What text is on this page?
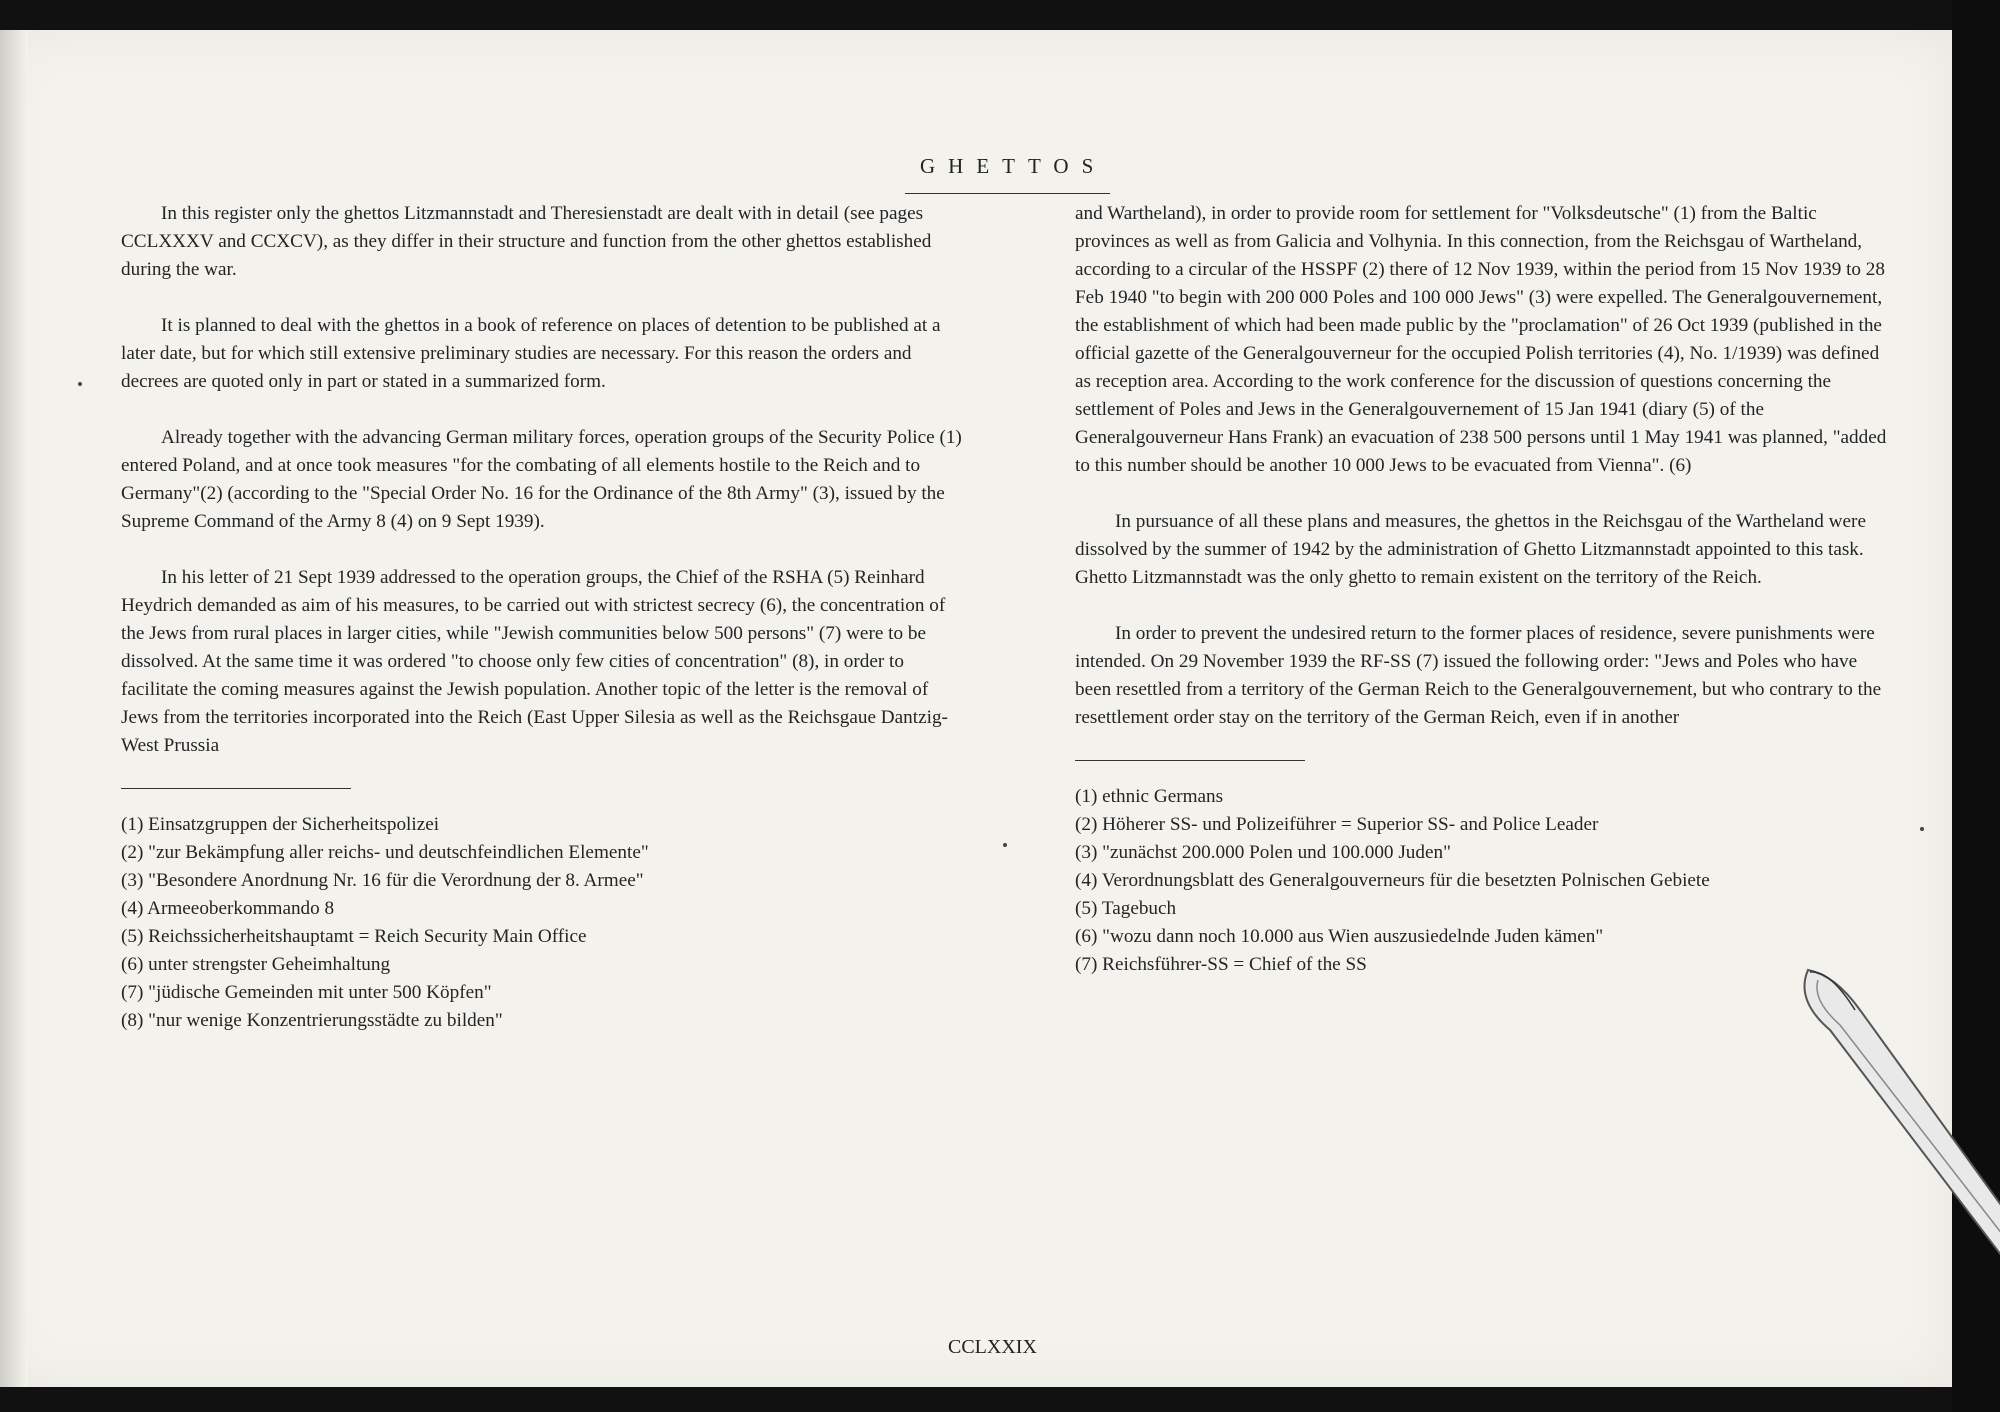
GHETTOS

In this register only the ghettos Litzmannstadt and Theresienstadt are dealt with in detail (see pages CCLXXXV and CCXCV), as they differ in their structure and function from the other ghettos established during the war.

It is planned to deal with the ghettos in a book of reference on places of detention to be published at a later date, but for which still extensive preliminary studies are necessary. For this reason the orders and decrees are quoted only in part or stated in a summarized form.

Already together with the advancing German military forces, operation groups of the Security Police (1) entered Poland, and at once took measures "for the combating of all elements hostile to the Reich and to Germany"(2) (according to the "Special Order No. 16 for the Ordinance of the 8th Army" (3), issued by the Supreme Command of the Army 8 (4) on 9 Sept 1939).

In his letter of 21 Sept 1939 addressed to the operation groups, the Chief of the RSHA (5) Reinhard Heydrich demanded as aim of his measures, to be carried out with strictest secrecy (6), the concentration of the Jews from rural places in larger cities, while "Jewish communities below 500 persons" (7) were to be dissolved. At the same time it was ordered "to choose only few cities of concentration" (8), in order to facilitate the coming measures against the Jewish population. Another topic of the letter is the removal of Jews from the territories incorporated into the Reich (East Upper Silesia as well as the Reichsgaue Dantzig-West Prussia

(1) Einsatzgruppen der Sicherheitspolizei
(2) "zur Bekämpfung aller reichs- und deutschfeindlichen Elemente"
(3) "Besondere Anordnung Nr. 16 für die Verordnung der 8. Armee"
(4) Armeeoberkommando 8
(5) Reichssicherheitshauptamt = Reich Security Main Office
(6) unter strengster Geheimhaltung
(7) "jüdische Gemeinden mit unter 500 Köpfen"
(8) "nur wenige Konzentrierungsstädte zu bilden"

and Wartheland), in order to provide room for settlement for "Volksdeutsche" (1) from the Baltic provinces as well as from Galicia and Volhynia. In this connection, from the Reichsgau of Wartheland, according to a circular of the HSSPF (2) there of 12 Nov 1939, within the period from 15 Nov 1939 to 28 Feb 1940 "to begin with 200 000 Poles and 100 000 Jews" (3) were expelled. The Generalgouvernement, the establishment of which had been made public by the "proclamation" of 26 Oct 1939 (published in the official gazette of the Generalgouverneur for the occupied Polish territories (4), No. 1/1939) was defined as reception area. According to the work conference for the discussion of questions concerning the settlement of Poles and Jews in the Generalgouvernement of 15 Jan 1941 (diary (5) of the Generalgouverneur Hans Frank) an evacuation of 238 500 persons until 1 May 1941 was planned, "added to this number should be another 10 000 Jews to be evacuated from Vienna". (6)

In pursuance of all these plans and measures, the ghettos in the Reichsgau of the Wartheland were dissolved by the summer of 1942 by the administration of Ghetto Litzmannstadt appointed to this task. Ghetto Litzmannstadt was the only ghetto to remain existent on the territory of the Reich.

In order to prevent the undesired return to the former places of residence, severe punishments were intended. On 29 November 1939 the RF-SS (7) issued the following order: "Jews and Poles who have been resettled from a territory of the German Reich to the Generalgouvernement, but who contrary to the resettlement order stay on the territory of the German Reich, even if in another

(1) ethnic Germans
(2) Höherer SS- und Polizeiführer = Superior SS- and Police Leader
(3) "zunächst 200.000 Polen und 100.000 Juden"
(4) Verordnungsblatt des Generalgouverneurs für die besetzten Polnischen Gebiete
(5) Tagebuch
(6) "wozu dann noch 10.000 aus Wien auszusiedelnde Juden kämen"
(7) Reichsführer-SS = Chief of the SS
CCLXXIX
